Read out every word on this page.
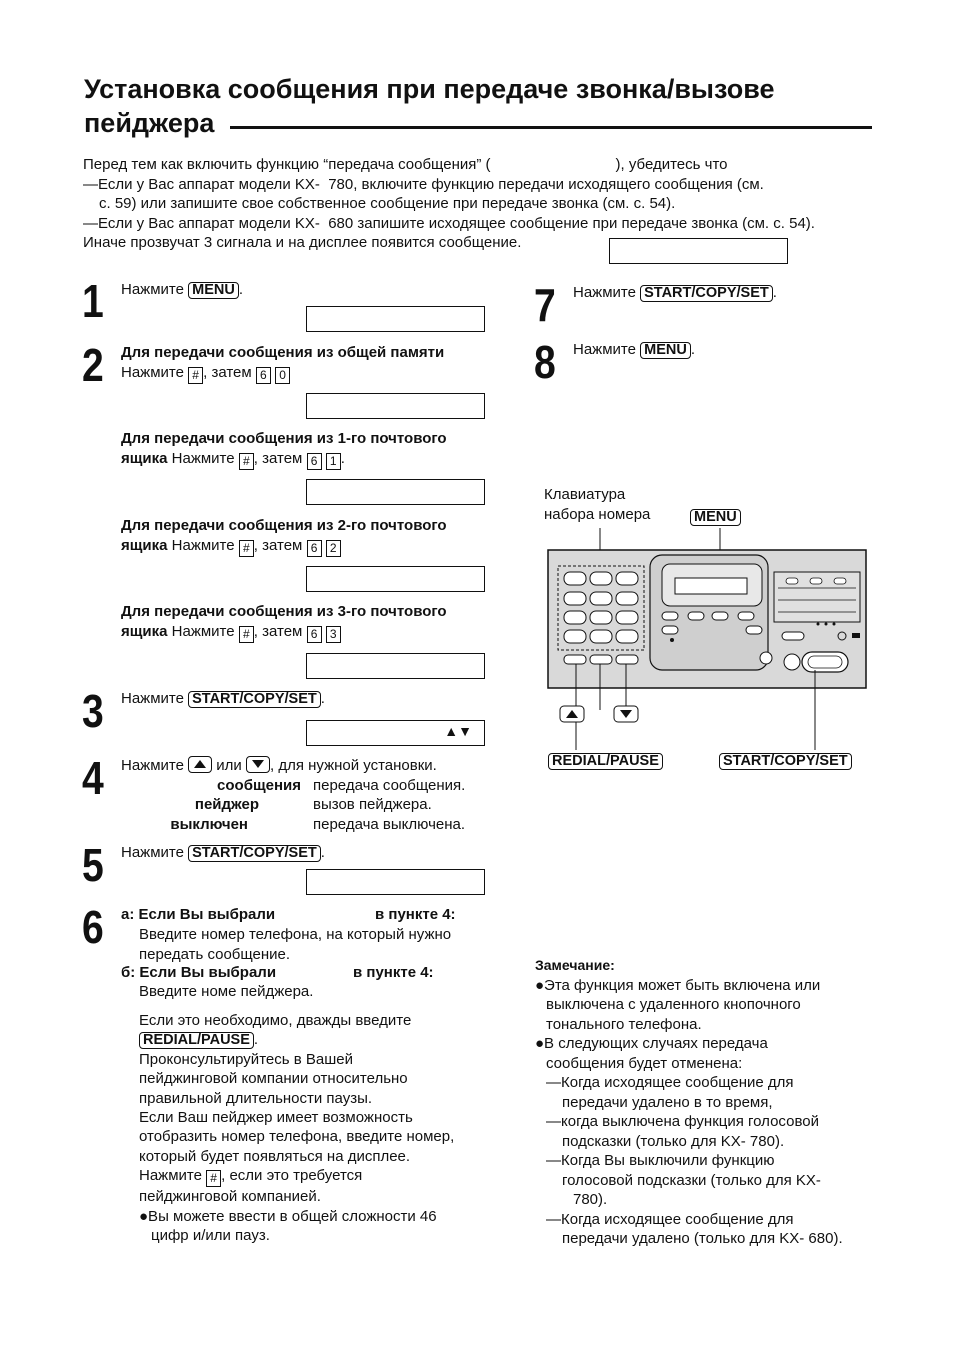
Установка сообщения при передаче звонка/вызове
пейджера
Перед тем как включить функцию “передача сообщения” (                              ), убедитесь что
—Если у Вас аппарат модели KX-  780, включите функцию передачи исходящего сообщения (см.
с. 59) или запишите свое собственное сообщение при передаче звонка (см. с. 54).
—Если у Вас аппарат модели KX-  680 запишите исходящее сообщение при передаче звонка (см. с. 54).
Иначе прозвучат 3 сигнала и на дисплее появится сообщение.
1 Нажмите MENU .
2 Для передачи сообщения из общей памяти
Нажмите # , затем 6 0
Для передачи сообщения из 1-го почтового
ящика Нажмите # , затем 6 1 .
Для передачи сообщения из 2-го почтового
ящика Нажмите # , затем 6 2
Для передачи сообщения из 3-го почтового
ящика Нажмите # , затем 6 3
3 Нажмите START/COPY/SET .
▲▼
4 Нажмите или , для нужной установки.
сообщения передача сообщения.
пейджер	вызов пейджера.
выключен	передача выключена.
5 Нажмите START/COPY/SET .
6 а: Если Вы выбрали	в пункте 4:
Введите номер телефона, на который нужно
передать сообщение.
б: Если Вы выбрали	в пункте 4:
Введите номе пейджера.
Если это необходимо, дважды введите
REDIAL/PAUSE .
Проконсультируйтесь в Вашей
пейджинговой компании относительно
правильной длительности паузы.
Если Ваш пейджер имеет возможность
отобразить номер телефона, введите номер,
который будет появляться на дисплее.
Нажмите # , если это требуется
пейджинговой компанией.
●Вы можете ввести в общей сложности 46
цифр и/или пауз.
7 Нажмите START/COPY/SET .
8 Нажмите MENU .
Клавиатура
набора номера	MENU
REDIAL/PAUSE	START/COPY/SET
Замечание:
●Эта функция может быть включена или
выключена с удаленного кнопочного
тонального телефона.
●В следующих случаях передача
сообщения будет отменена:
—Когда исходящее сообщение для
передачи удалено в то время,
—когда выключена функция голосовой
подсказки (только для KX- 780).
—Когда Вы выключили функцию
голосовой подсказки (только для KX-
780).
—Когда исходящее сообщение для
передачи удалено (только для KX- 680).
